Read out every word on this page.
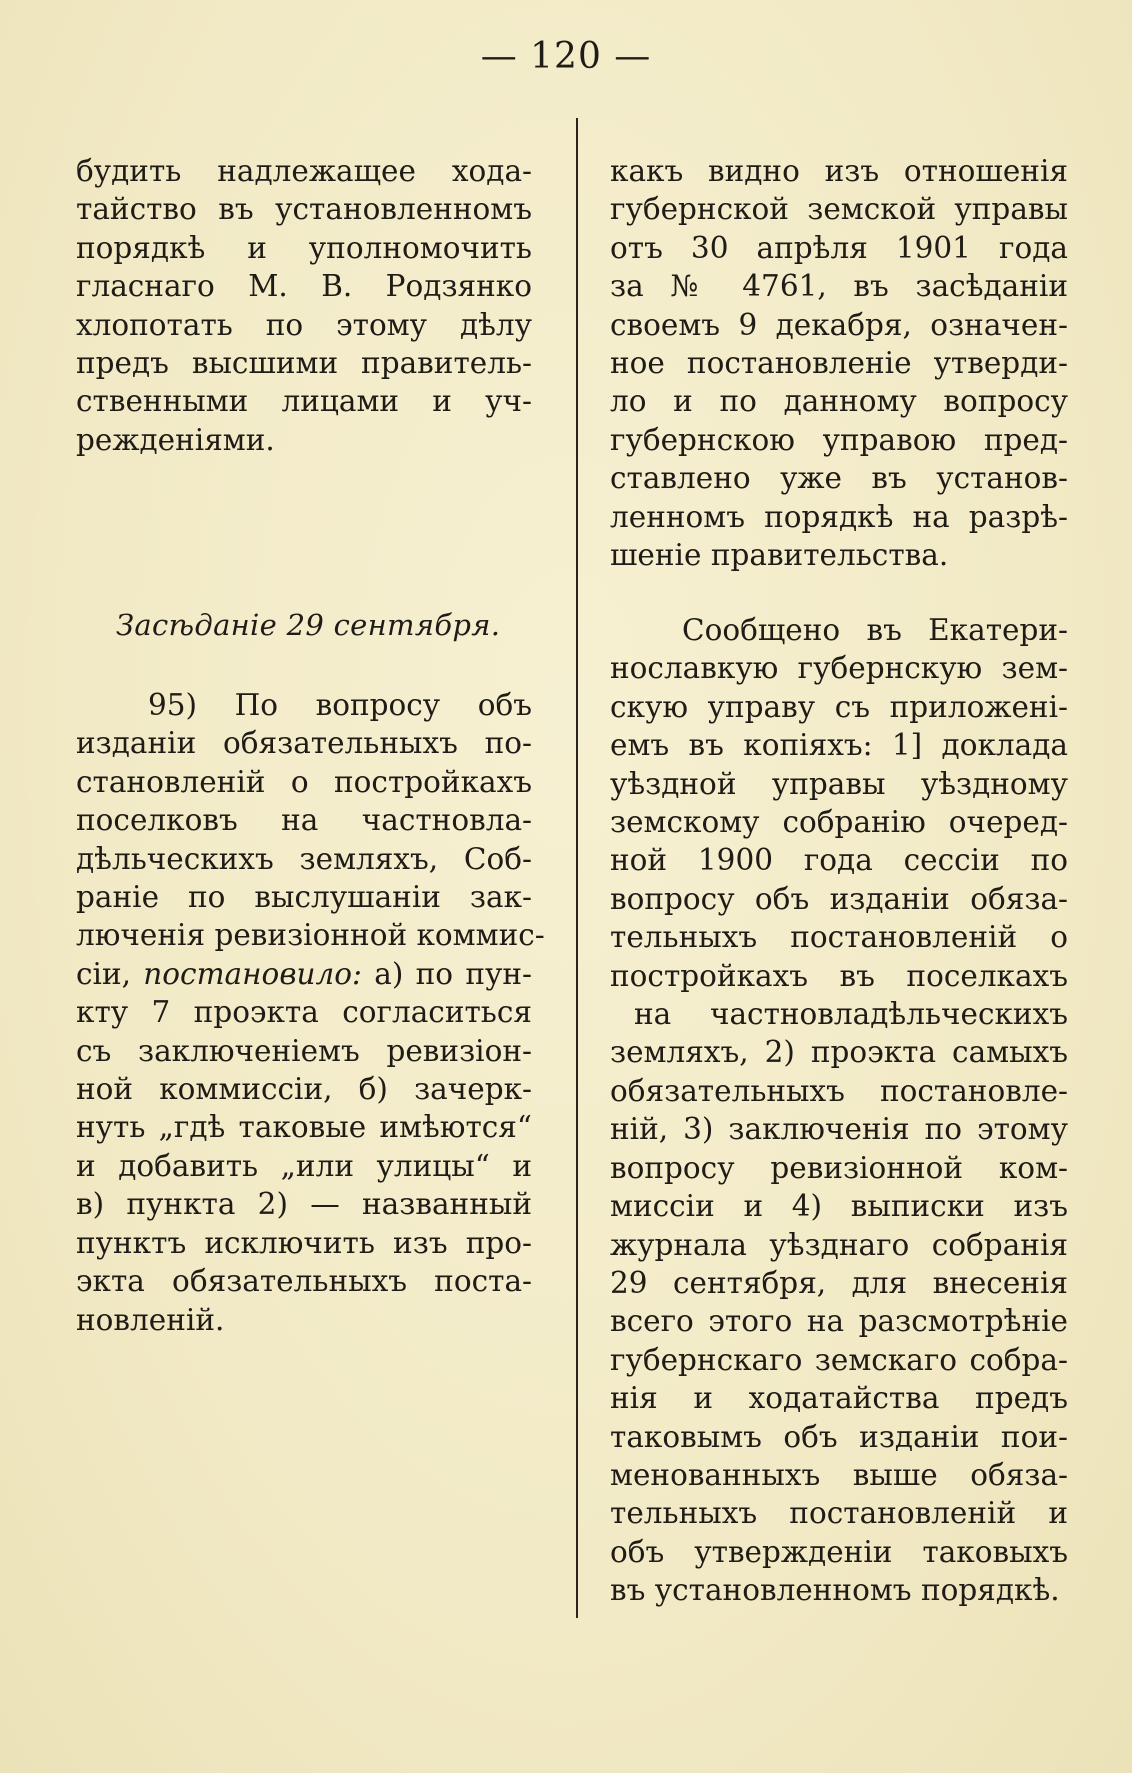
— 120 —
будить надлежащее хода-
тайство въ установленномъ
порядкѣ и уполномочить
гласнаго М. В. Родзянко
хлопотать по этому дѣлу
предъ высшими правитель-
ственными лицами и уч-
режденiями.
Засѣданiе 29 сентября.
95) По вопросу объ
изданiи обязательныхъ по-
становленiй о постройкахъ
поселковъ на частновла-
дѣльческихъ земляхъ, Соб-
ранiе по выслушанiи зак-
люченiя ревизiонной коммис-
сiи, постановило: а) по пун-
кту 7 проэкта согласиться
съ заключенiемъ ревизiон-
ной коммиссiи, б) зачерк-
нуть „гдѣ таковые имѣются“
и добавить „или улицы“ и
в) пункта 2) — названный
пунктъ исключить изъ про-
экта обязательныхъ поста-
новленiй.
какъ видно изъ отношенiя
губернской земской управы
отъ 30 апрѣля 1901 года
за № 4761, въ засѣданiи
своемъ 9 декабря, означен-
ное постановленiе утверди-
ло и по данному вопросу
губернскою управою пред-
ставлено уже въ установ-
ленномъ порядкѣ на разрѣ-
шенiе правительства.
Сообщено въ Екатери-
нославкую губернскую зем-
скую управу съ приложенi-
емъ въ копiяхъ: 1] доклада
уѣздной управы уѣздному
земскому собранiю очеред-
ной 1900 года сессiи по
вопросу объ изданiи обяза-
тельныхъ постановленiй о
постройкахъ въ поселкахъ
на частновладѣльческихъ
земляхъ, 2) проэкта самыхъ
обязательныхъ постановле-
нiй, 3) заключенiя по этому
вопросу ревизiонной ком-
миссiи и 4) выписки изъ
журнала уѣзднаго собранiя
29 сентября, для внесенiя
всего этого на разсмотрѣнiе
губернскаго земскаго собра-
нiя и ходатайства предъ
таковымъ объ изданiи пои-
менованныхъ выше обяза-
тельныхъ постановленiй и
объ утвержденiи таковыхъ
въ установленномъ порядкѣ.
